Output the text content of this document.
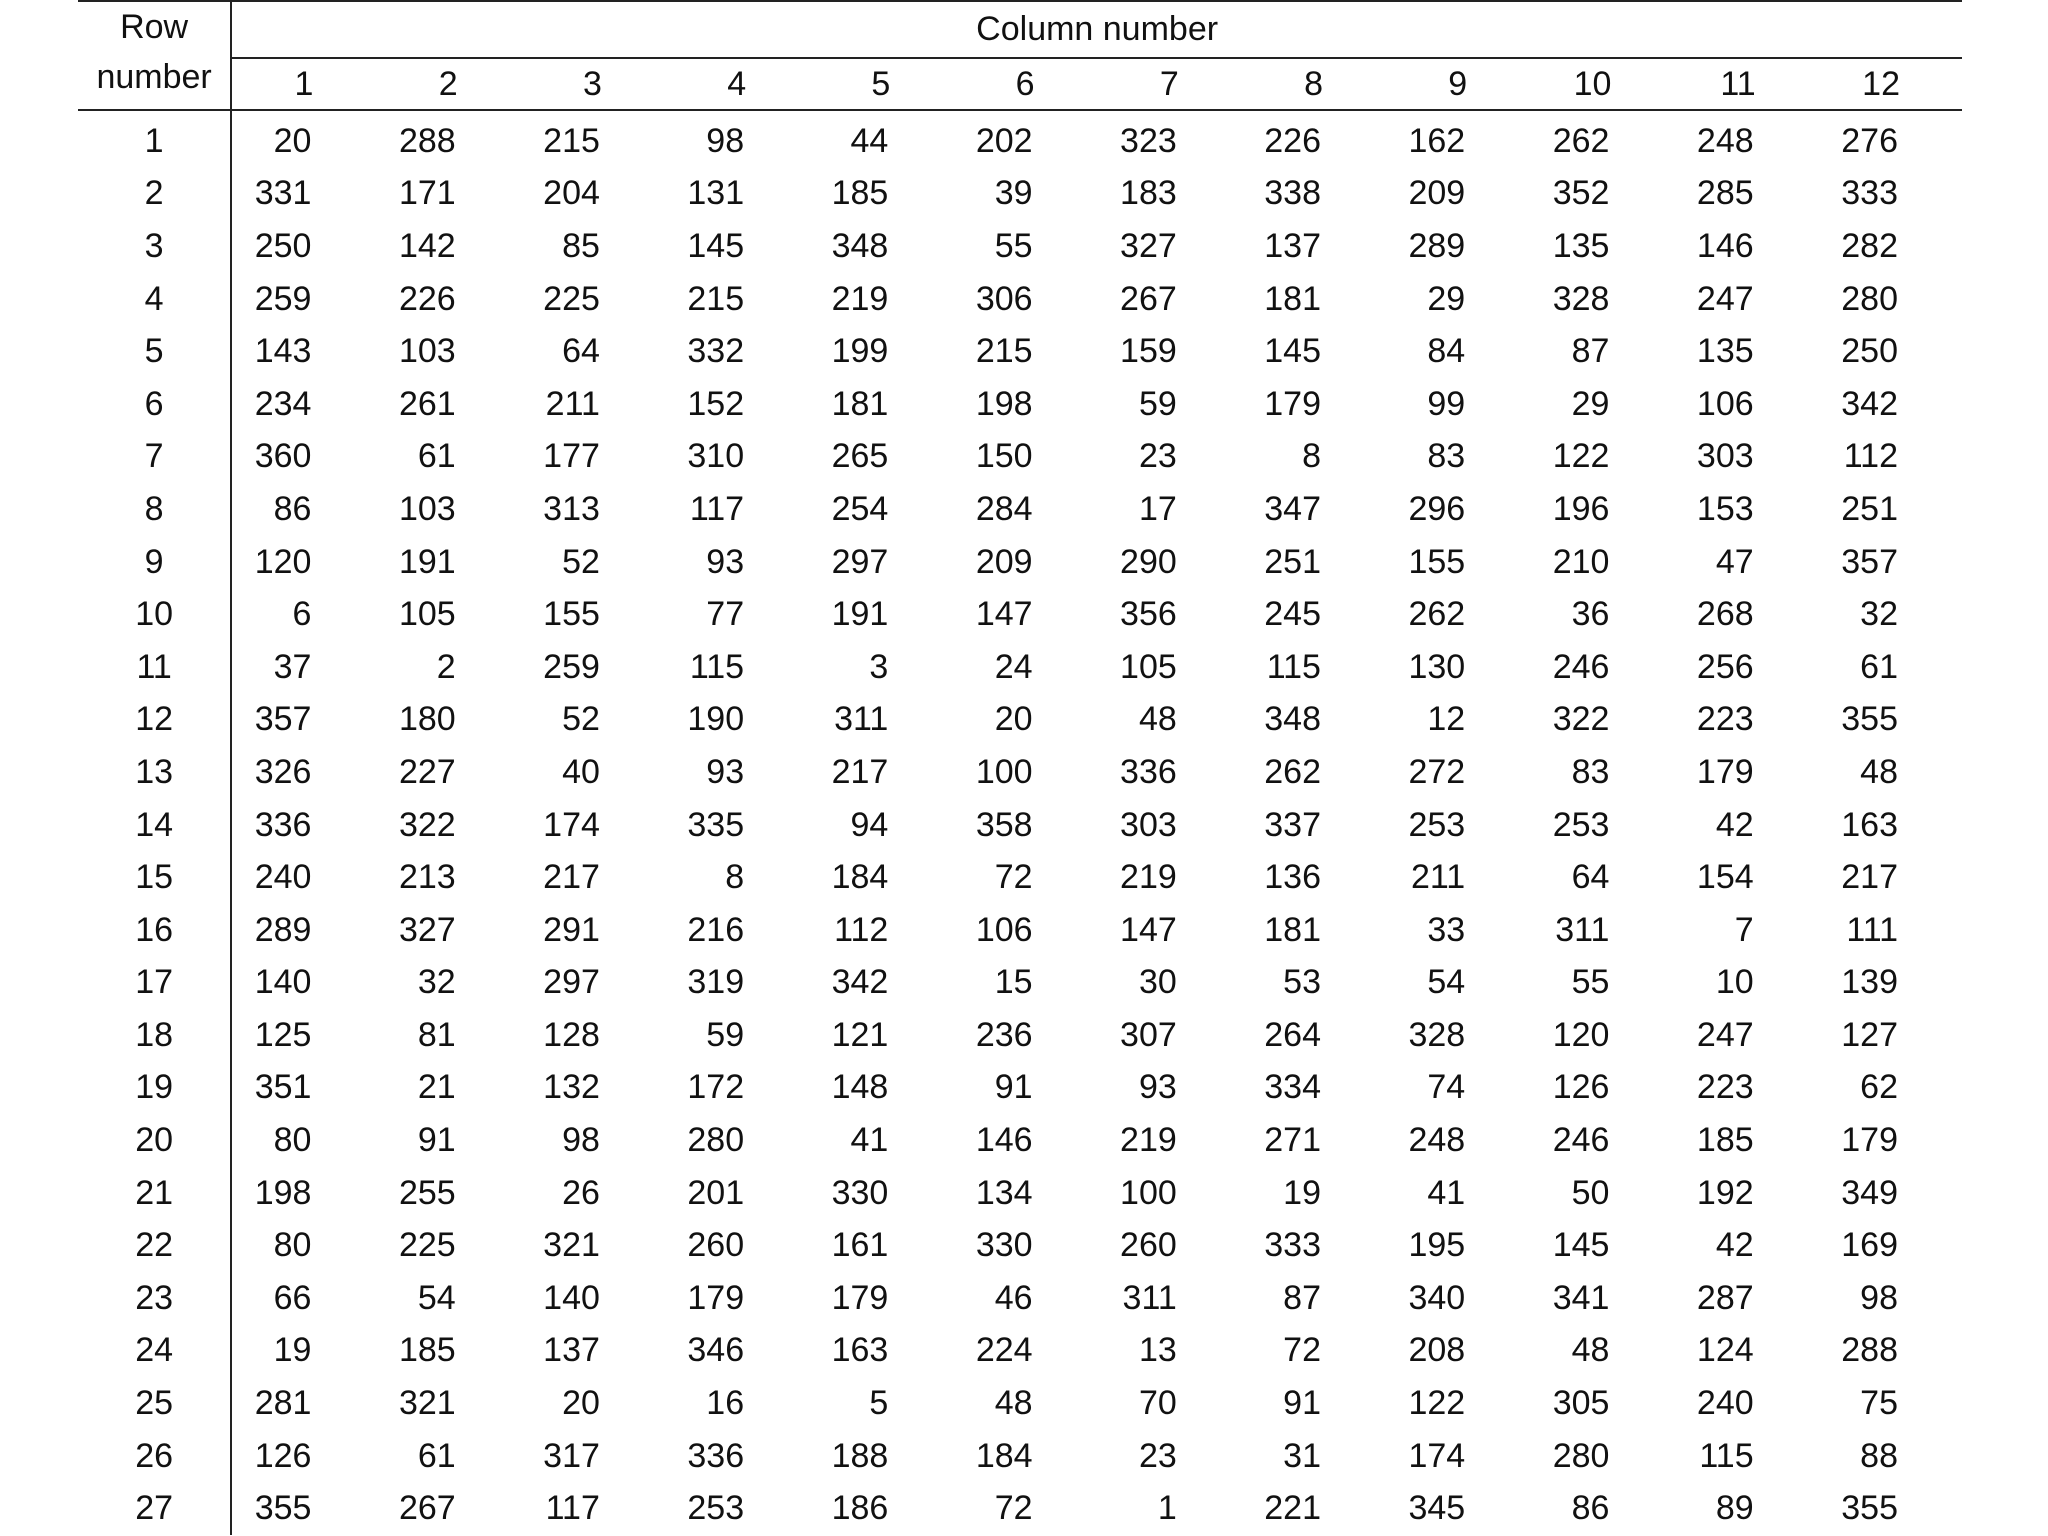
Row
number	Column number											
	1	2	3	4	5	6	7	8	9	10	11	12
1	20	288	215	98	44	202	323	226	162	262	248	276
2	331	171	204	131	185	39	183	338	209	352	285	333
3	250	142	85	145	348	55	327	137	289	135	146	282
4	259	226	225	215	219	306	267	181	29	328	247	280
5	143	103	64	332	199	215	159	145	84	87	135	250
6	234	261	211	152	181	198	59	179	99	29	106	342
7	360	61	177	310	265	150	23	8	83	122	303	112
8	86	103	313	117	254	284	17	347	296	196	153	251
9	120	191	52	93	297	209	290	251	155	210	47	357
10	6	105	155	77	191	147	356	245	262	36	268	32
11	37	2	259	115	3	24	105	115	130	246	256	61
12	357	180	52	190	311	20	48	348	12	322	223	355
13	326	227	40	93	217	100	336	262	272	83	179	48
14	336	322	174	335	94	358	303	337	253	253	42	163
15	240	213	217	8	184	72	219	136	211	64	154	217
16	289	327	291	216	112	106	147	181	33	311	7	111
17	140	32	297	319	342	15	30	53	54	55	10	139
18	125	81	128	59	121	236	307	264	328	120	247	127
19	351	21	132	172	148	91	93	334	74	126	223	62
20	80	91	98	280	41	146	219	271	248	246	185	179
21	198	255	26	201	330	134	100	19	41	50	192	349
22	80	225	321	260	161	330	260	333	195	145	42	169
23	66	54	140	179	179	46	311	87	340	341	287	98
24	19	185	137	346	163	224	13	72	208	48	124	288
25	281	321	20	16	5	48	70	91	122	305	240	75
26	126	61	317	336	188	184	23	31	174	280	115	88
27	355	267	117	253	186	72	1	221	345	86	89	355
